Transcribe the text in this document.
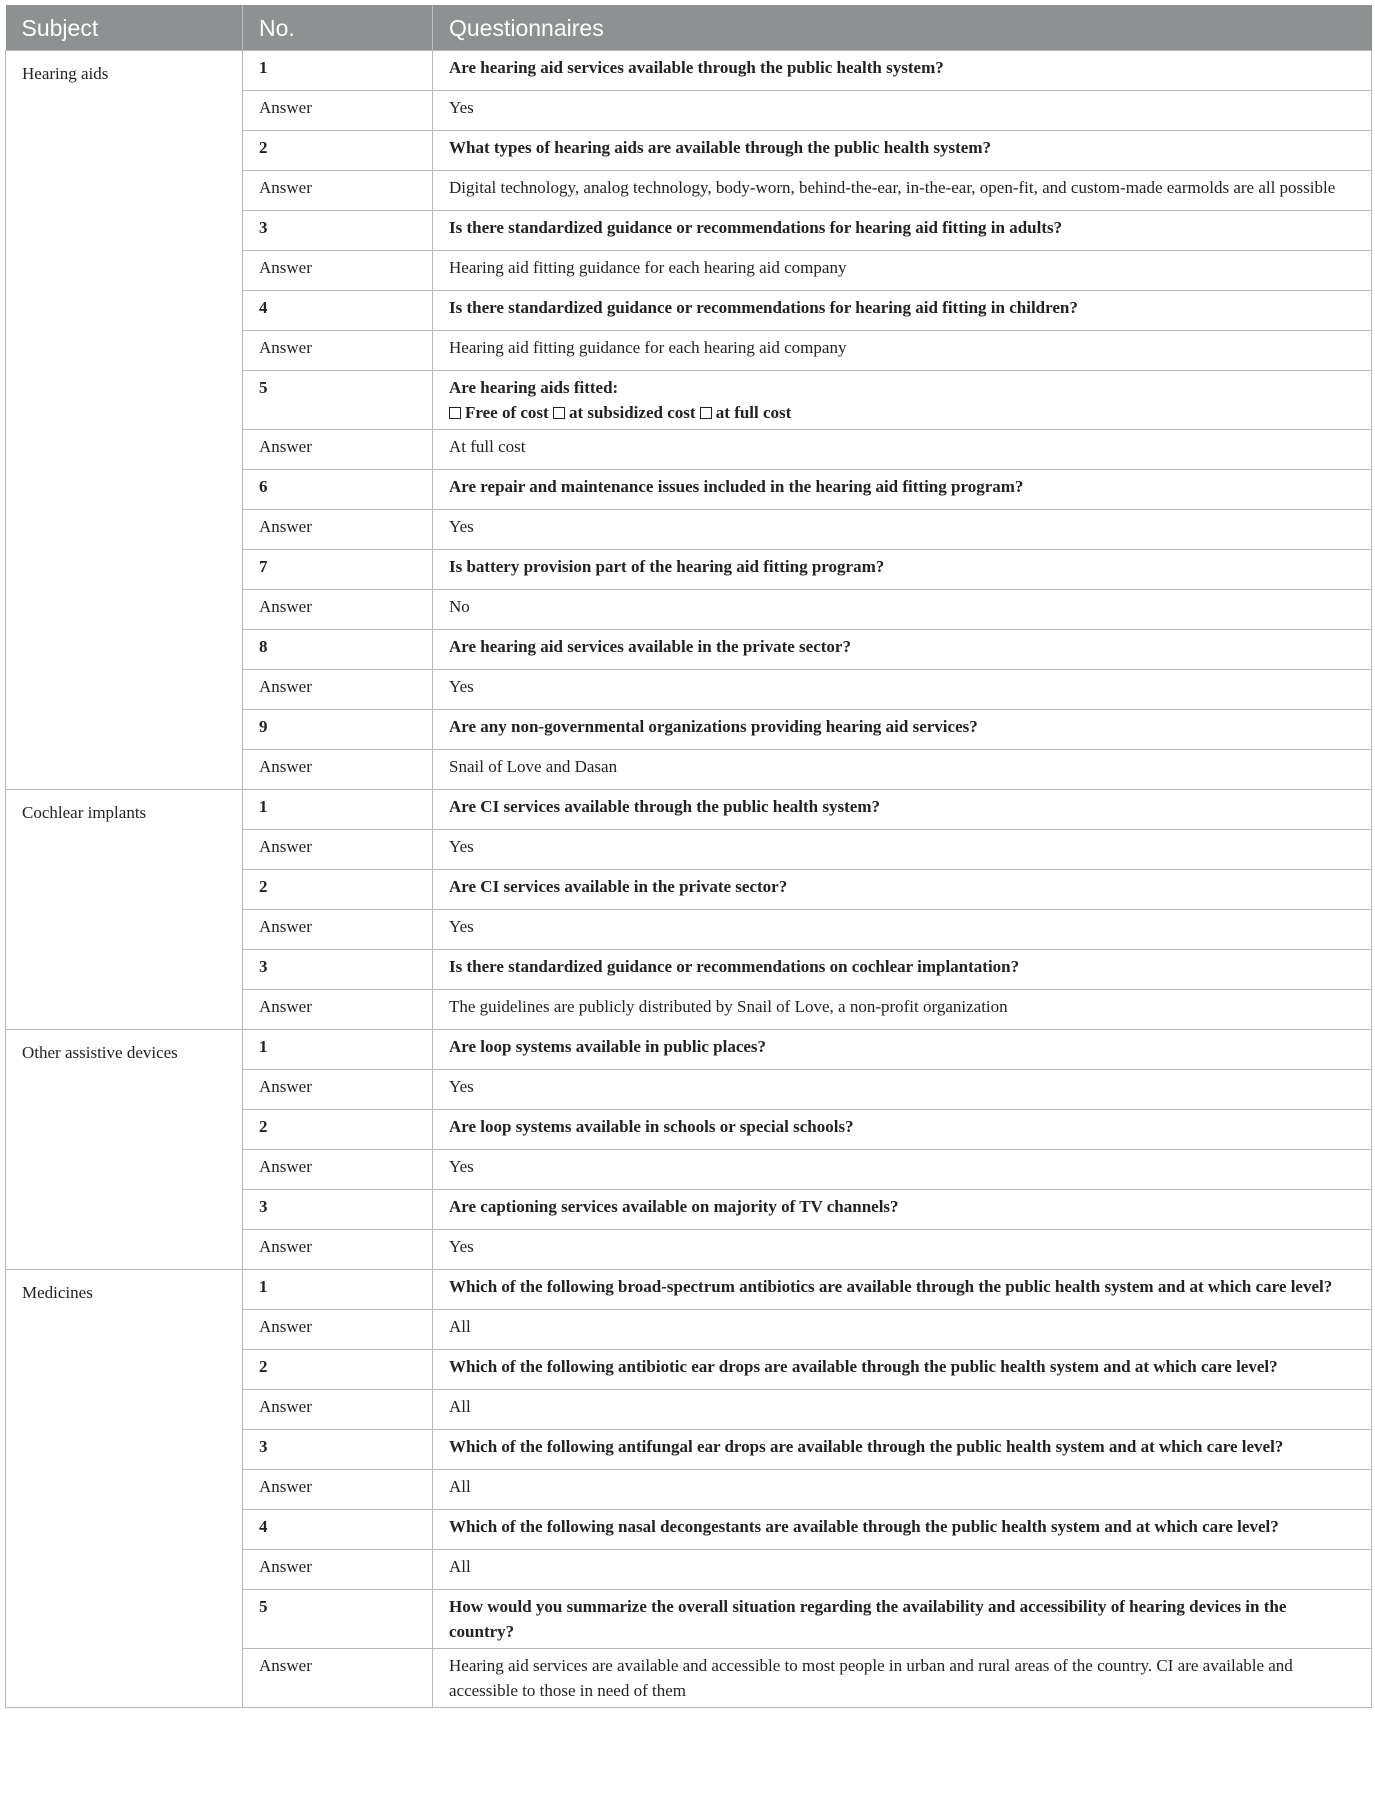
Subject	No.	Questionnaires
Hearing aids	1	Are hearing aid services available through the public health system?
	Answer	Yes
	2	What types of hearing aids are available through the public health system?
	Answer	Digital technology, analog technology, body-worn, behind-the-ear, in-the-ear, open-fit, and custom-made earmolds are all possible
	3	Is there standardized guidance or recommendations for hearing aid fitting in adults?
	Answer	Hearing aid fitting guidance for each hearing aid company
	4	Is there standardized guidance or recommendations for hearing aid fitting in children?
	Answer	Hearing aid fitting guidance for each hearing aid company
	5	Are hearing aids fitted:
Free of cost at subsidized cost at full cost

	Answer	At full cost
	6	Are repair and maintenance issues included in the hearing aid fitting program?
	Answer	Yes
	7	Is battery provision part of the hearing aid fitting program?
	Answer	No
	8	Are hearing aid services available in the private sector?
	Answer	Yes
	9	Are any non-governmental organizations providing hearing aid services?
	Answer	Snail of Love and Dasan
Cochlear implants	1	Are CI services available through the public health system?
	Answer	Yes
	2	Are CI services available in the private sector?
	Answer	Yes
	3	Is there standardized guidance or recommendations on cochlear implantation?
	Answer	The guidelines are publicly distributed by Snail of Love, a non-profit organization
Other assistive devices	1	Are loop systems available in public places?
	Answer	Yes
	2	Are loop systems available in schools or special schools?
	Answer	Yes
	3	Are captioning services available on majority of TV channels?
	Answer	Yes
Medicines	1	Which of the following broad-spectrum antibiotics are available through the public health system and at which care level?
	Answer	All
	2	Which of the following antibiotic ear drops are available through the public health system and at which care level?
	Answer	All
	3	Which of the following antifungal ear drops are available through the public health system and at which care level?
	Answer	All
	4	Which of the following nasal decongestants are available through the public health system and at which care level?
	Answer	All
	5	How would you summarize the overall situation regarding the availability and accessibility of hearing devices in the country?
	Answer	Hearing aid services are available and accessible to most people in urban and rural areas of the country. CI are available and accessible to those in need of them
